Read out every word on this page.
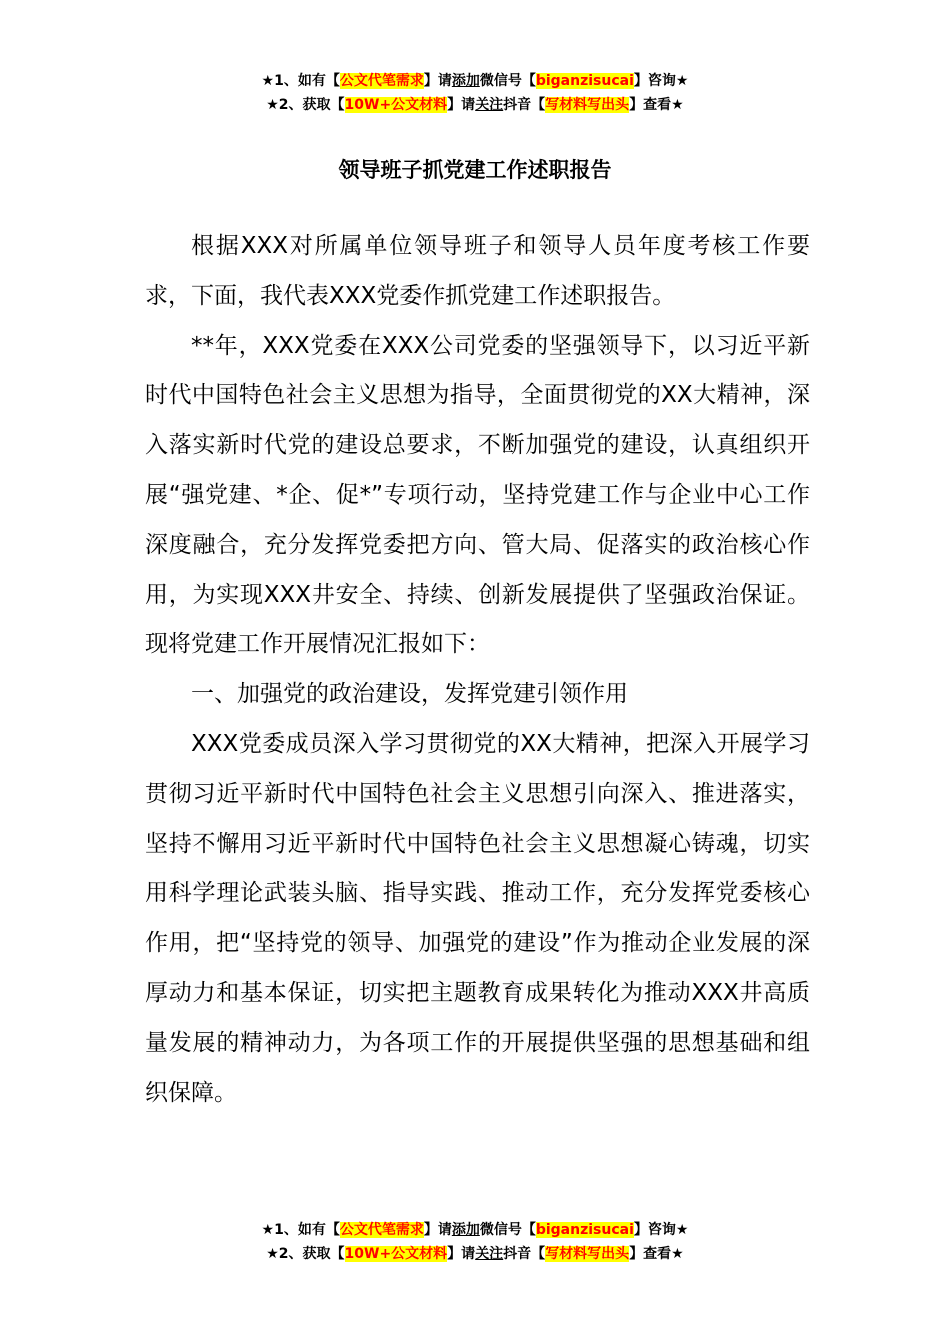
★1、如有【公文代笔需求】请添加微信号【biganzisucai】咨询★
★2、获取【10W+公文材料】请关注抖音【写材料写出头】查看★
领导班子抓党建工作述职报告

根据XXX对所属单位领导班子和领导人员年度考核工作要求，下面，我代表XXX党委作抓党建工作述职报告。

**年，XXX党委在XXX公司党委的坚强领导下，以习近平新时代中国特色社会主义思想为指导，全面贯彻党的XX大精神，深入落实新时代党的建设总要求，不断加强党的建设，认真组织开展“强党建、*企、促*”专项行动，坚持党建工作与企业中心工作深度融合，充分发挥党委把方向、管大局、促落实的政治核心作用，为实现XXX井安全、持续、创新发展提供了坚强政治保证。现将党建工作开展情况汇报如下：

一、加强党的政治建设，发挥党建引领作用

XXX党委成员深入学习贯彻党的XX大精神，把深入开展学习贯彻习近平新时代中国特色社会主义思想引向深入、推进落实，坚持不懈用习近平新时代中国特色社会主义思想凝心铸魂，切实用科学理论武装头脑、指导实践、推动工作，充分发挥党委核心作用，把“坚持党的领导、加强党的建设”作为推动企业发展的深厚动力和基本保证，切实把主题教育成果转化为推动XXX井高质量发展的精神动力，为各项工作的开展提供坚强的思想基础和组织保障。

★1、如有【公文代笔需求】请添加微信号【biganzisucai】咨询★
★2、获取【10W+公文材料】请关注抖音【写材料写出头】查看★
